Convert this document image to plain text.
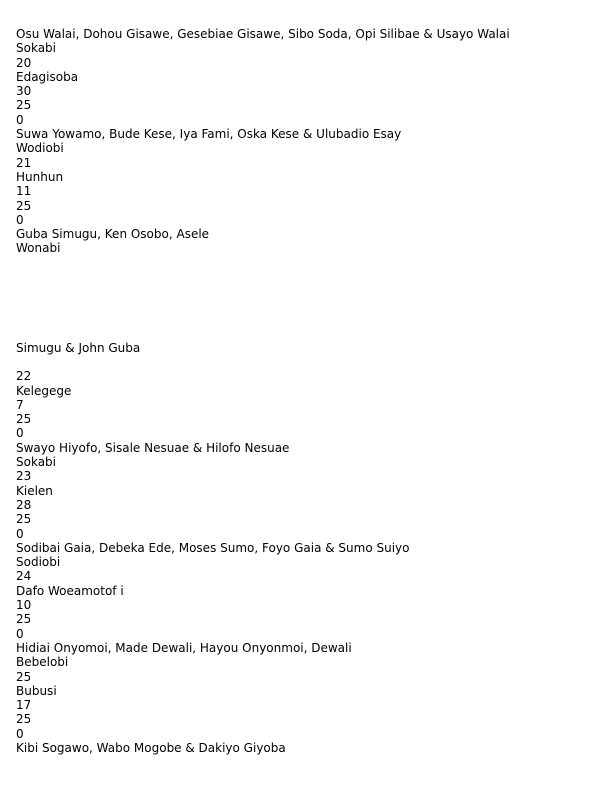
Osu Walai, Dohou Gisawe, Gesebiae Gisawe, Sibo Soda, Opi Silibae & Usayo Walai
Sokabi
20
Edagisoba
30
25
0
Suwa Yowamo, Bude Kese, Iya Fami, Oska Kese & Ulubadio Esay
Wodiobi
21
Hunhun
11
25
0
Guba Simugu, Ken Osobo, Asele
Wonabi
Simugu & John Guba
22
Kelegege
7
25
0
Swayo Hiyofo, Sisale Nesuae & Hilofo Nesuae
Sokabi
23
Kielen
28
25
0
Sodibai Gaia, Debeka Ede, Moses Sumo, Foyo Gaia & Sumo Suiyo
Sodiobi
24
Dafo Woeamotof i
10
25
0
Hidiai Onyomoi, Made Dewali, Hayou Onyonmoi, Dewali
Bebelobi
25
Bubusi
17
25
0
Kibi Sogawo, Wabo Mogobe & Dakiyo Giyoba
